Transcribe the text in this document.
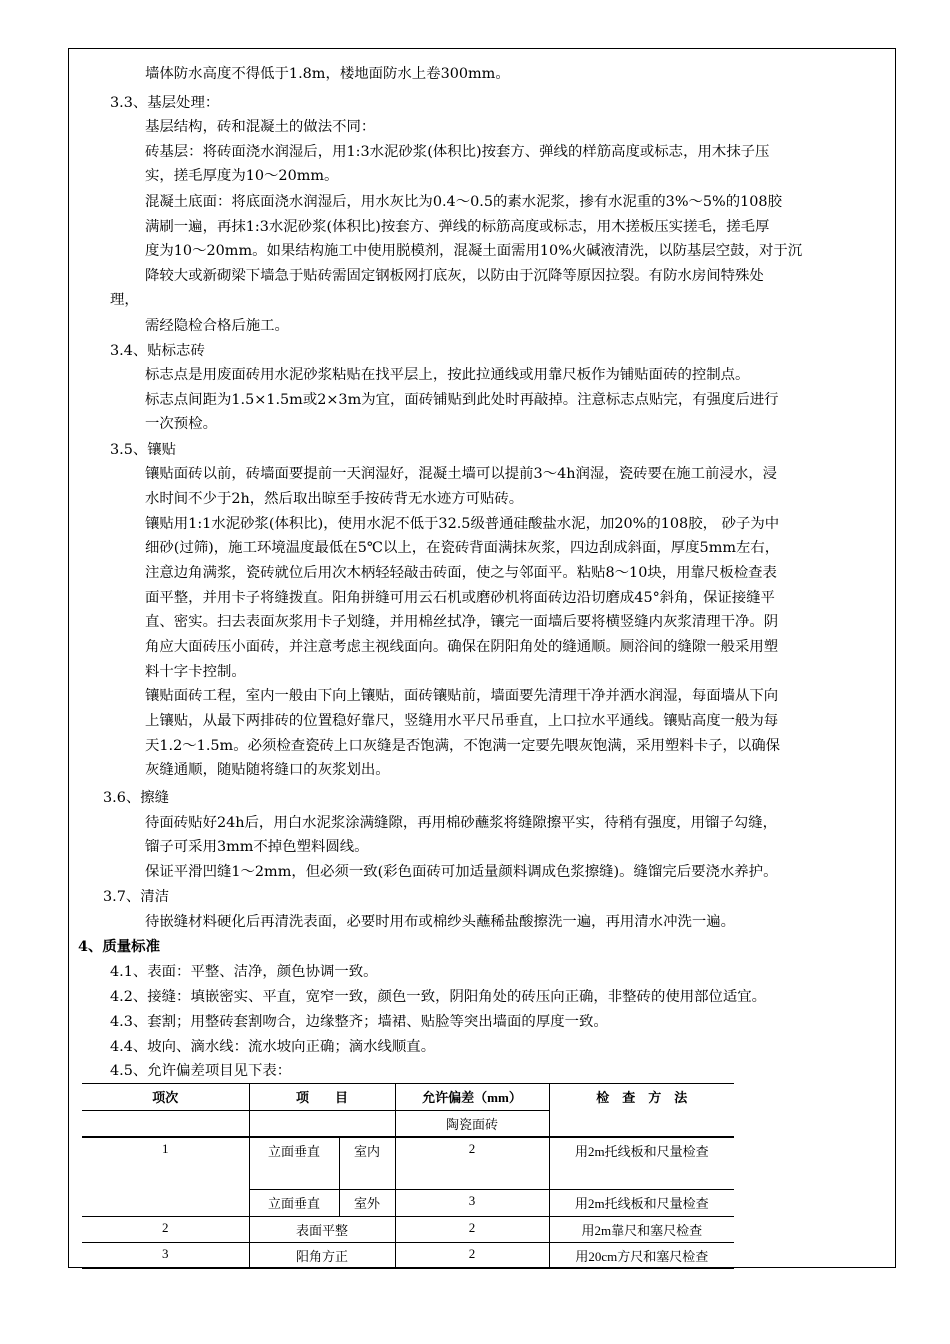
墙体防水高度不得低于1.8m，楼地面防水上卷300mm。
3.3、基层处理：
基层结构，砖和混凝土的做法不同：
砖基层：将砖面浇水润湿后，用1:3水泥砂浆(体积比)按套方、弹线的样筋高度或标志，用木抹子压
实，搓毛厚度为10～20mm。
混凝土底面：将底面浇水润湿后，用水灰比为0.4～0.5的素水泥浆，掺有水泥重的3%～5%的108胶
满刷一遍，再抹1:3水泥砂浆(体积比)按套方、弹线的标筋高度或标志，用木搓板压实搓毛，搓毛厚
度为10～20mm。如果结构施工中使用脱模剂，混凝土面需用10%火碱液清洗，以防基层空鼓，对于沉
降较大或新砌梁下墙急于贴砖需固定钢板网打底灰，以防由于沉降等原因拉裂。有防水房间特殊处
理，
需经隐检合格后施工。
3.4、贴标志砖
标志点是用废面砖用水泥砂浆粘贴在找平层上，按此拉通线或用靠尺板作为铺贴面砖的控制点。
标志点间距为1.5×1.5m或2×3m为宜，面砖铺贴到此处时再敲掉。注意标志点贴完，有强度后进行
一次预检。
3.5、镶贴
镶贴面砖以前，砖墙面要提前一天润湿好，混凝土墙可以提前3～4h润湿，瓷砖要在施工前浸水，浸
水时间不少于2h，然后取出晾至手按砖背无水迹方可贴砖。
镶贴用1:1水泥砂浆(体积比)，使用水泥不低于32.5级普通硅酸盐水泥，加20%的108胶， 砂子为中
细砂(过筛)，施工环境温度最低在5℃以上，在瓷砖背面满抹灰浆，四边刮成斜面，厚度5mm左右，
注意边角满浆，瓷砖就位后用次木柄轻轻敲击砖面，使之与邻面平。粘贴8～10块，用靠尺板检查表
面平整，并用卡子将缝拨直。阳角拼缝可用云石机或磨砂机将面砖边沿切磨成45°斜角，保证接缝平
直、密实。扫去表面灰浆用卡子划缝，并用棉丝拭净，镶完一面墙后要将横竖缝内灰浆清理干净。阴
角应大面砖压小面砖，并注意考虑主视线面向。确保在阴阳角处的缝通顺。厕浴间的缝隙一般采用塑
料十字卡控制。
镶贴面砖工程，室内一般由下向上镶贴，面砖镶贴前，墙面要先清理干净并洒水润湿，每面墙从下向
上镶贴，从最下两排砖的位置稳好靠尺，竖缝用水平尺吊垂直，上口拉水平通线。镶贴高度一般为每
天1.2～1.5m。必须检查瓷砖上口灰缝是否饱满，不饱满一定要先喂灰饱满，采用塑料卡子，以确保
灰缝通顺，随贴随将缝口的灰浆划出。
3.6、擦缝
待面砖贴好24h后，用白水泥浆涂满缝隙，再用棉砂蘸浆将缝隙擦平实，待稍有强度，用镏子勾缝，
镏子可采用3mm不掉色塑料圆线。
保证平滑凹缝1～2mm，但必须一致(彩色面砖可加适量颜料调成色浆擦缝)。缝馏完后要浇水养护。
3.7、清洁
待嵌缝材料硬化后再清洗表面，必要时用布或棉纱头蘸稀盐酸擦洗一遍，再用清水冲洗一遍。
4、质量标准
4.1、表面：平整、洁净，颜色协调一致。
4.2、接缝：填嵌密实、平直，宽窄一致，颜色一致，阴阳角处的砖压向正确，非整砖的使用部位适宜。
4.3、套割；用整砖套割吻合，边缘整齐；墙裙、贴脸等突出墙面的厚度一致。
4.4、坡向、滴水线：流水坡向正确；滴水线顺直。
4.5、允许偏差项目见下表：
项次	项　　目		允许偏差（mm）	检　查　方　法
			陶瓷面砖	
1	立面垂直	室内	2	用2m托线板和尺量检查
	立面垂直	室外	3	用2m托线板和尺量检查
2	表面平整		2	用2m靠尺和塞尺检查
3	阳角方正		2	用20cm方尺和塞尺检查
